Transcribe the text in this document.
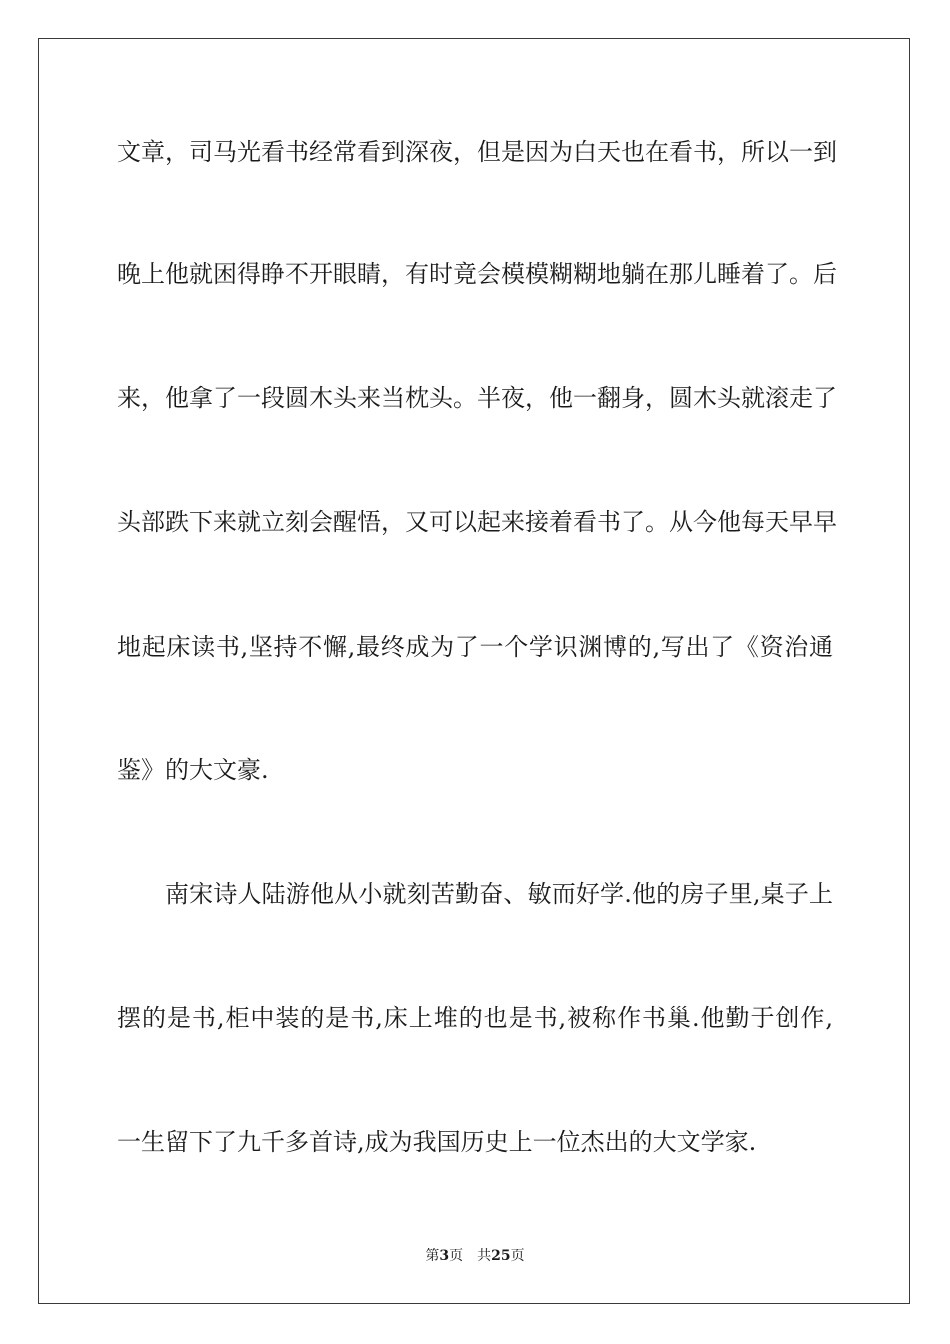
文章，司马光看书经常看到深夜，但是因为白天也在看书，所以一到
晚上他就困得睁不开眼睛，有时竟会模模糊糊地躺在那儿睡着了。后
来，他拿了一段圆木头来当枕头。半夜，他一翻身，圆木头就滚走了
头部跌下来就立刻会醒悟，又可以起来接着看书了。从今他每天早早
地起床读书,坚持不懈,最终成为了一个学识渊博的,写出了《资治通
鉴》的大文豪.
南宋诗人陆游他从小就刻苦勤奋、敏而好学.他的房子里,桌子上
摆的是书,柜中装的是书,床上堆的也是书,被称作书巢.他勤于创作,
一生留下了九千多首诗,成为我国历史上一位杰出的大文学家.
第3页 共25页
